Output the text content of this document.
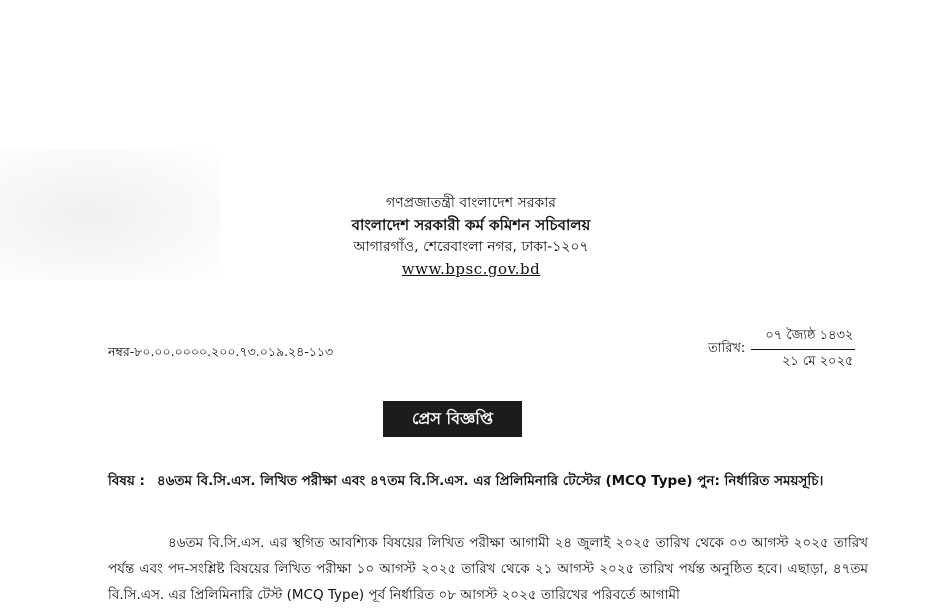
গণপ্রজাতন্ত্রী বাংলাদেশ সরকার
বাংলাদেশ সরকারী কর্ম কমিশন সচিবালয়
আগারগাঁও, শেরেবাংলা নগর, ঢাকা-১২০৭
www.bpsc.gov.bd
নম্বর-৮০.০০.০০০০.২০০.৭৩.০১৯.২৪-১১৩	তারিখ: $\frac{\text{০৭ জ্যৈষ্ঠ ১৪৩২}}{\text{২১ মে ২০২৫}}$
প্রেস বিজ্ঞপ্তি
বিষয় : ৪৬তম বি.সি.এস. লিখিত পরীক্ষা এবং ৪৭তম বি.সি.এস. এর প্রিলিমিনারি টেস্টের (MCQ Type) পুন: নির্ধারিত সময়সূচি।

৪৬তম বি.সি.এস. এর স্থগিত আবশ্যিক বিষয়ের লিখিত পরীক্ষা আগামী ২৪ জুলাই ২০২৫ তারিখ থেকে ০৩ আগস্ট ২০২৫ তারিখ পর্যন্ত এবং পদ-সংশ্লিষ্ট বিষয়ের লিখিত পরীক্ষা ১০ আগস্ট ২০২৫ তারিখ থেকে ২১ আগস্ট ২০২৫ তারিখ পর্যন্ত অনুষ্ঠিত হবে। এছাড়া, ৪৭তম বি.সি.এস. এর প্রিলিমিনারি টেস্ট (MCQ Type) পূর্ব নির্ধারিত ০৮ আগস্ট ২০২৫ তারিখের পরিবর্তে আগামী
